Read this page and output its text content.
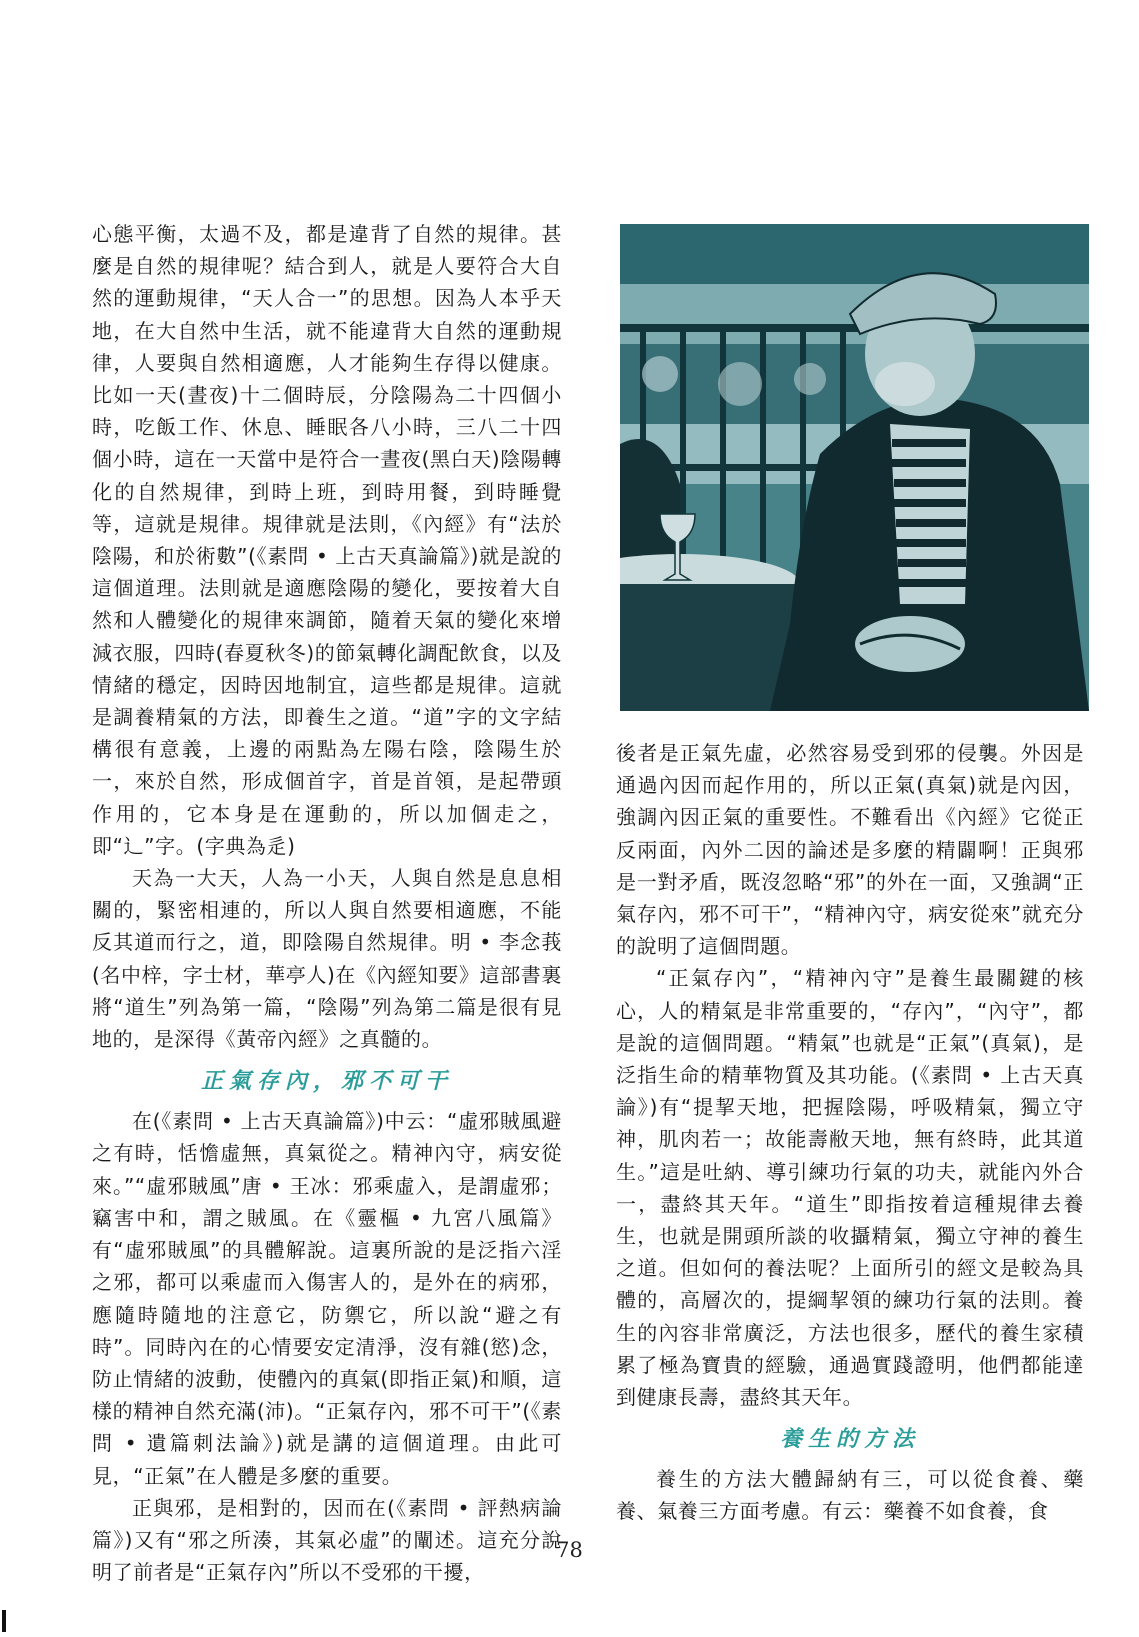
心態平衡，太過不及，都是違背了自然的規律。甚麼是自然的規律呢？結合到人，就是人要符合大自然的運動規律，“天人合一”的思想。因為人本乎天地，在大自然中生活，就不能違背大自然的運動規律，人要與自然相適應，人才能夠生存得以健康。比如一天(晝夜)十二個時辰，分陰陽為二十四個小時，吃飯工作、休息、睡眠各八小時，三八二十四個小時，這在一天當中是符合一晝夜(黑白天)陰陽轉化的自然規律，到時上班，到時用餐，到時睡覺等，這就是規律。規律就是法則，《內經》有“法於陰陽，和於術數”(《素問 • 上古天真論篇》)就是說的這個道理。法則就是適應陰陽的變化，要按着大自然和人體變化的規律來調節，隨着天氣的變化來增減衣服，四時(春夏秋冬)的節氣轉化調配飲食，以及情緒的穩定，因時因地制宜，這些都是規律。這就是調養精氣的方法，即養生之道。“道”字的文字結構很有意義，上邊的兩點為左陽右陰，陰陽生於一，來於自然，形成個首字，首是首領，是起帶頭作用的，它本身是在運動的，所以加個走之，即“辶”字。(字典為辵)

天為一大天，人為一小天，人與自然是息息相關的，緊密相連的，所以人與自然要相適應，不能反其道而行之，道，即陰陽自然規律。明 • 李念莪(名中梓，字士材，華亭人)在《內經知要》這部書裏將“道生”列為第一篇，“陰陽”列為第二篇是很有見地的，是深得《黃帝內經》之真髓的。

正氣存內，邪不可干

在(《素問 • 上古天真論篇》)中云：“虛邪賊風避之有時，恬憺虛無，真氣從之。精神內守，病安從來。”“虛邪賊風”唐 • 王冰：邪乘虛入，是謂虛邪；竊害中和，謂之賊風。在《靈樞 • 九宮八風篇》有“虛邪賊風”的具體解說。這裏所說的是泛指六淫之邪，都可以乘虛而入傷害人的，是外在的病邪，應隨時隨地的注意它，防禦它，所以說“避之有時”。同時內在的心情要安定清淨，沒有雜(慾)念，防止情緒的波動，使體內的真氣(即指正氣)和順，這樣的精神自然充滿(沛)。“正氣存內，邪不可干”(《素問 • 遺篇刺法論》)就是講的這個道理。由此可見，“正氣”在人體是多麼的重要。

正與邪，是相對的，因而在(《素問 • 評熱病論篇》)又有“邪之所湊，其氣必虛”的闡述。這充分說明了前者是“正氣存內”所以不受邪的干擾，

後者是正氣先虛，必然容易受到邪的侵襲。外因是通過內因而起作用的，所以正氣(真氣)就是內因，強調內因正氣的重要性。不難看出《內經》它從正反兩面，內外二因的論述是多麼的精闢啊！正與邪是一對矛盾，既沒忽略“邪”的外在一面，又強調“正氣存內，邪不可干”，“精神內守，病安從來”就充分的說明了這個問題。

“正氣存內”，“精神內守”是養生最關鍵的核心，人的精氣是非常重要的，“存內”，“內守”，都是說的這個問題。“精氣”也就是“正氣”(真氣)，是泛指生命的精華物質及其功能。(《素問 • 上古天真論》)有“提挈天地，把握陰陽，呼吸精氣，獨立守神，肌肉若一；故能壽敝天地，無有終時，此其道生。”這是吐納、導引練功行氣的功夫，就能內外合一，盡終其天年。“道生”即指按着這種規律去養生，也就是開頭所談的收攝精氣，獨立守神的養生之道。但如何的養法呢？上面所引的經文是較為具體的，高層次的，提綱挈領的練功行氣的法則。養生的內容非常廣泛，方法也很多，歷代的養生家積累了極為寶貴的經驗，通過實踐證明，他們都能達到健康長壽，盡終其天年。

養生的方法

養生的方法大體歸納有三，可以從食養、藥養、氣養三方面考慮。有云：藥養不如食養，食

78
